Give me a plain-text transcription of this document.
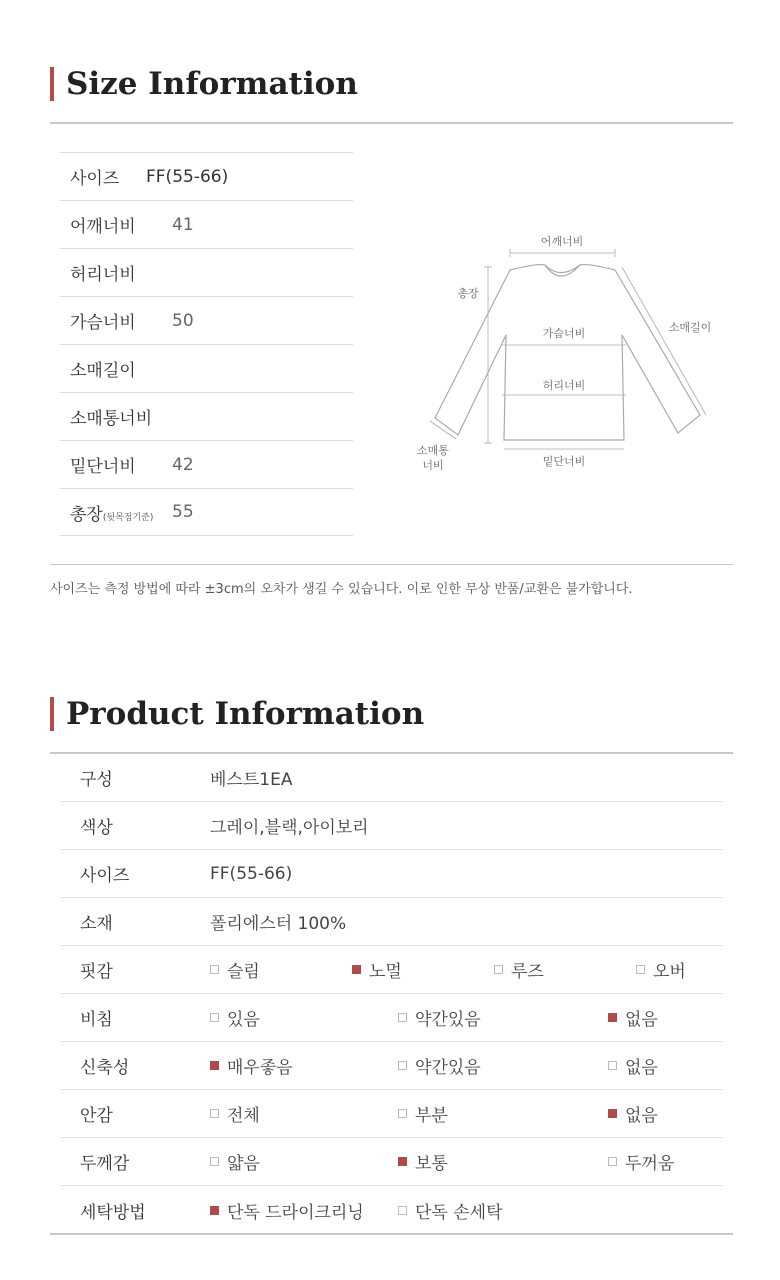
Size Information
사이즈	FF(55-66)
어깨너비	41
허리너비
가슴너비	50
소매길이
소매통너비
밑단너비	42
총장(뒷목점기준)	55
어깨너비
총장
소매길이
가슴너비
허리너비
소매통
너비	밑단너비
사이즈는 측정 방법에 따라 ±3cm의 오차가 생길 수 있습니다. 이로 인한 무상 반품/교환은 불가합니다.
Product Information
구성	베스트1EA
색상	그레이,블랙,아이보리
사이즈	FF(55-66)
소재	폴리에스터 100%
핏감	슬림	노멀	루즈	오버
비침	있음	약간있음	없음
신축성	매우좋음	약간있음	없음
안감	전체	부분	없음
두께감	얇음	보통	두꺼움
세탁방법	단독 드라이크리닝	단독 손세탁
